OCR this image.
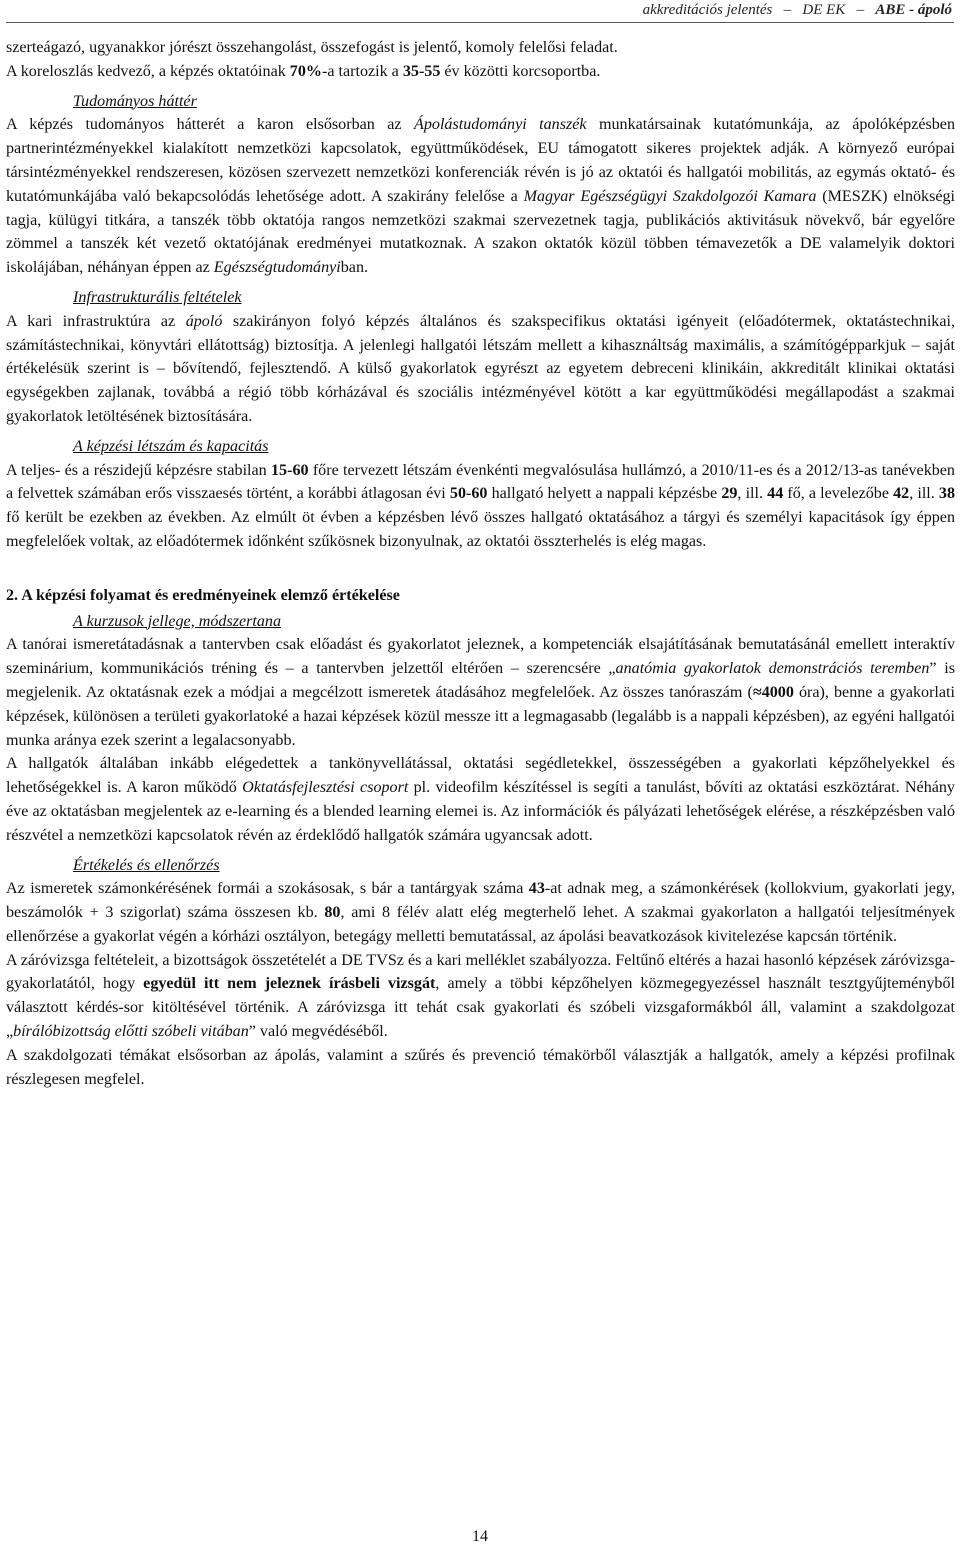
akkreditációs jelentés   –   DE EK   –   ABE - ápoló

szerteágazó, ugyanakkor jórészt összehangolást, összefogást is jelentő, komoly felelősi feladat.
A koreloszlás kedvező, a képzés oktatóinak 70%-a tartozik a 35-55 év közötti korcsoportba.

Tudományos háttér

A képzés tudományos hátterét a karon elsősorban az Ápolástudományi tanszék munkatársainak kutatómunkája, az ápolóképzésben partnerintézményekkel kialakított nemzetközi kapcsolatok, együttműködések, EU támogatott sikeres projektek adják. A környező európai társintézményekkel rendszeresen, közösen szervezett nemzetközi konferenciák révén is jó az oktatói és hallgatói mobilitás, az egymás oktató- és kutatómunkájába való bekapcsolódás lehetősége adott. A szakirány felelőse a Magyar Egészségügyi Szakdolgozói Kamara (MESZK) elnökségi tagja, külügyi titkára, a tanszék több oktatója rangos nemzetközi szakmai szervezetnek tagja, publikációs aktivitásuk növekvő, bár egyelőre zömmel a tanszék két vezető oktatójának eredményei mutatkoznak. A szakon oktatók közül többen témavezetők a DE valamelyik doktori iskolájában, néhányan éppen az Egészségtudományiban.

Infrastrukturális feltételek

A kari infrastruktúra az ápoló szakirányon folyó képzés általános és szakspecifikus oktatási igényeit (előadótermek, oktatástechnikai, számítástechnikai, könyvtári ellátottság) biztosítja. A jelenlegi hallgatói létszám mellett a kihasználtság maximális, a számítógépparkjuk – saját értékelésük szerint is – bővítendő, fejlesztendő. A külső gyakorlatok egyrészt az egyetem debreceni klinikáin, akkreditált klinikai oktatási egységekben zajlanak, továbbá a régió több kórházával és szociális intézményével kötött a kar együttműködési megállapodást a szakmai gyakorlatok letöltésének biztosítására.

A képzési létszám és kapacitás

A teljes- és a részidejű képzésre stabilan 15-60 főre tervezett létszám évenkénti megvalósulása hullámzó, a 2010/11-es és a 2012/13-as tanévekben a felvettek számában erős visszaesés történt, a korábbi átlagosan évi 50-60 hallgató helyett a nappali képzésbe 29, ill. 44 fő, a levelezőbe 42, ill. 38 fő került be ezekben az években. Az elmúlt öt évben a képzésben lévő összes hallgató oktatásához a tárgyi és személyi kapacitások így éppen megfelelőek voltak, az előadótermek időnként szűkösnek bizonyulnak, az oktatói összterhelés is elég magas.

2. A képzési folyamat és eredményeinek elemző értékelése

A kurzusok jellege, módszertana

A tanórai ismeretátadásnak a tantervben csak előadást és gyakorlatot jeleznek, a kompetenciák elsajátításának bemutatásánál emellett interaktív szeminárium, kommunikációs tréning és – a tantervben jelzettől eltérően – szerencsére „anatómia gyakorlatok demonstrációs teremben” is megjelenik. Az oktatásnak ezek a módjai a megcélzott ismeretek átadásához megfelelőek. Az összes tanóraszám (≈4000 óra), benne a gyakorlati képzések, különösen a területi gyakorlatoké a hazai képzések közül messze itt a legmagasabb (legalább is a nappali képzésben), az egyéni hallgatói munka aránya ezek szerint a legalacsonyabb.

A hallgatók általában inkább elégedettek a tankönyvellátással, oktatási segédletekkel, összességében a gyakorlati képzőhelyekkel és lehetőségekkel is. A karon működő Oktatásfejlesztési csoport pl. videofilm készítéssel is segíti a tanulást, bővíti az oktatási eszköztárat. Néhány éve az oktatásban megjelentek az e-learning és a blended learning elemei is. Az információk és pályázati lehetőségek elérése, a részképzésben való részvétel a nemzetközi kapcsolatok révén az érdeklődő hallgatók számára ugyancsak adott.

Értékelés és ellenőrzés

Az ismeretek számonkérésének formái a szokásosak, s bár a tantárgyak száma 43-at adnak meg, a számonkérések (kollokvium, gyakorlati jegy, beszámolók + 3 szigorlat) száma összesen kb. 80, ami 8 félév alatt elég megterhelő lehet. A szakmai gyakorlaton a hallgatói teljesítmények ellenőrzése a gyakorlat végén a kórházi osztályon, betegágy melletti bemutatással, az ápolási beavatkozások kivitelezése kapcsán történik.

A záróvizsga feltételeit, a bizottságok összetételét a DE TVSz és a kari melléklet szabályozza. Feltűnő eltérés a hazai hasonló képzések záróvizsga-gyakorlatától, hogy egyedül itt nem jeleznek írásbeli vizsgát, amely a többi képzőhelyen közmegegyezéssel használt tesztgyűjteményből választott kérdés-sor kitöltésével történik. A záróvizsga itt tehát csak gyakorlati és szóbeli vizsgaformákból áll, valamint a szakdolgozat „bírálóbizottság előtti szóbeli vitában” való megvédéséből.

A szakdolgozati témákat elsősorban az ápolás, valamint a szűrés és prevenció témakörből választják a hallgatók, amely a képzési profilnak részlegesen megfelel.

14
